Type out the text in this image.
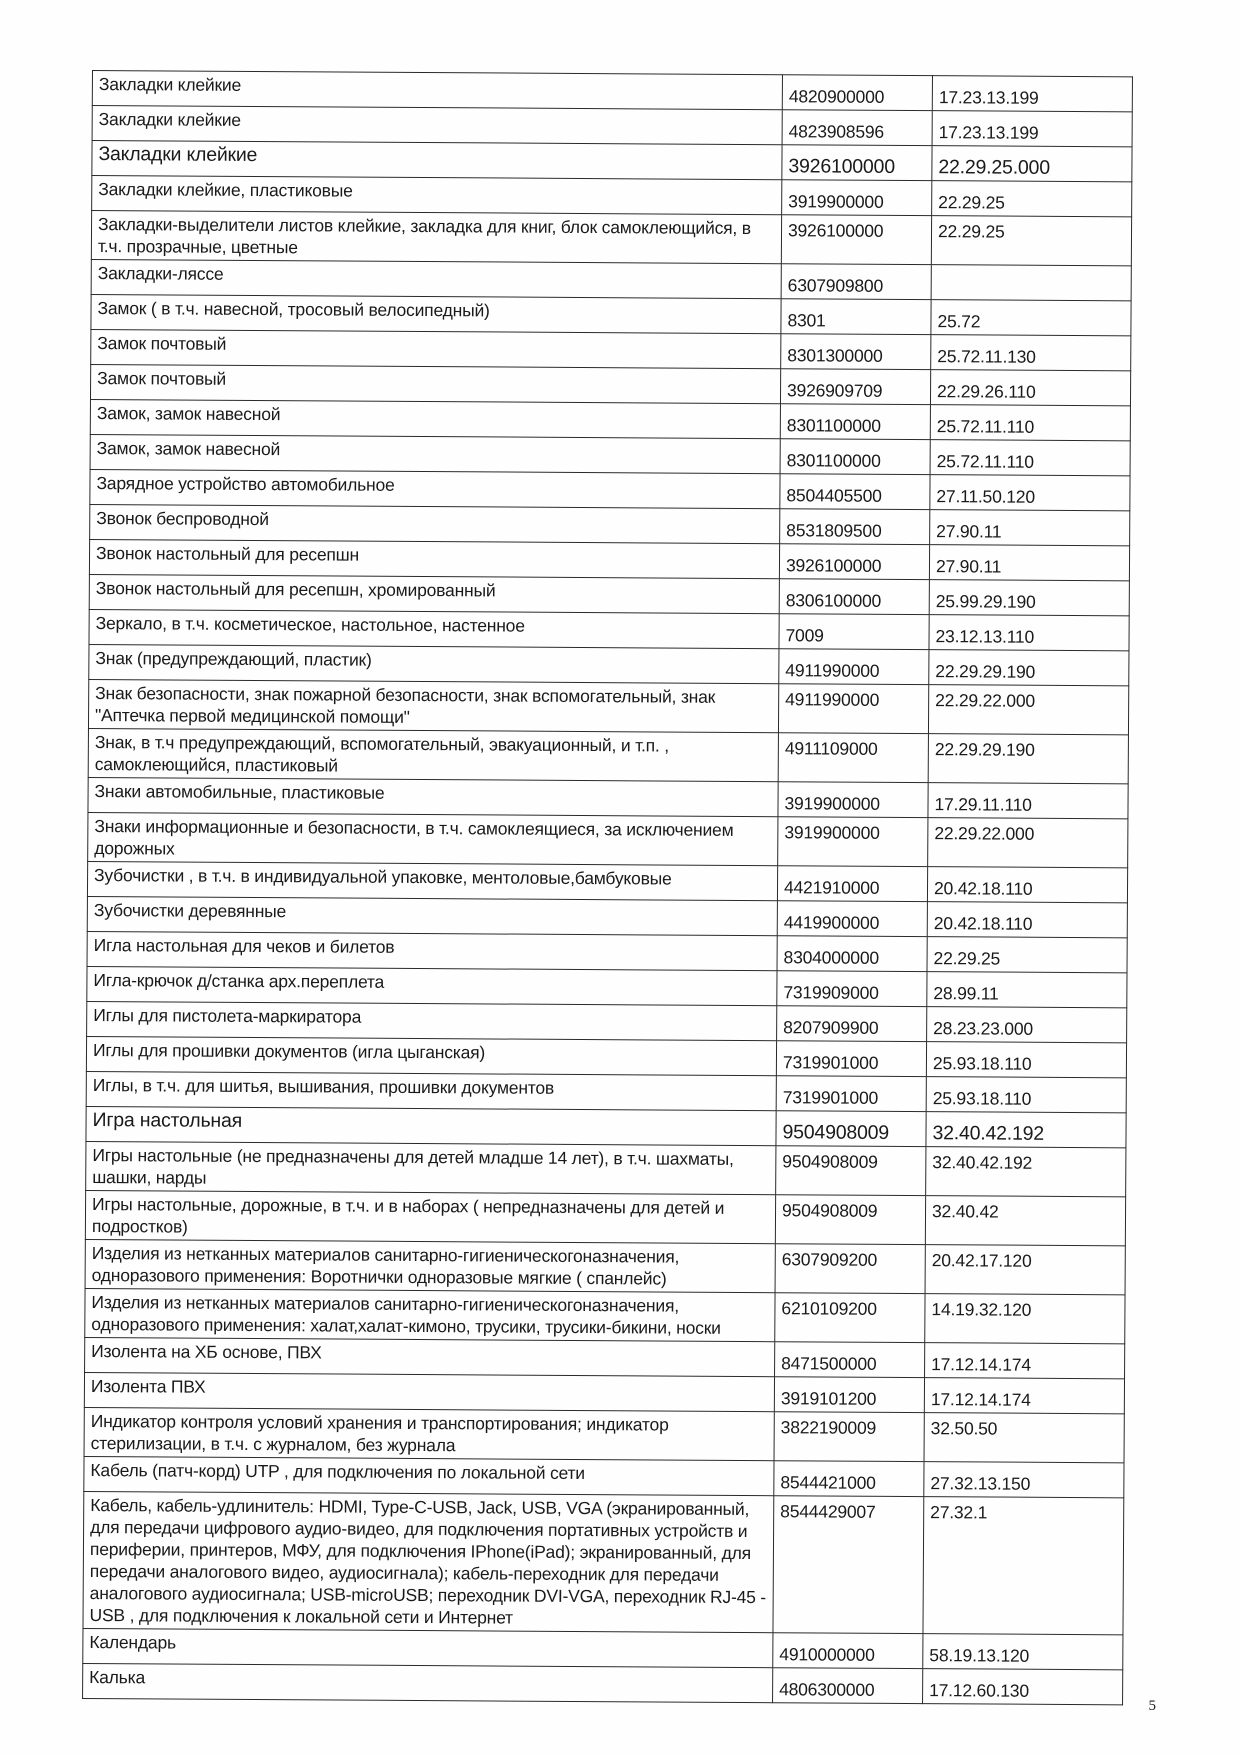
Закладки клейкие	4820900000	17.23.13.199
Закладки клейкие	4823908596	17.23.13.199
Закладки клейкие	3926100000	22.29.25.000
Закладки клейкие, пластиковые	3919900000	22.29.25
Закладки-выделители листов клейкие, закладка для книг, блок самоклеющийся, в т.ч. прозрачные, цветные	3926100000	22.29.25
Закладки-ляссе	6307909800	
Замок ( в т.ч. навесной, тросовый велосипедный)	8301	25.72
Замок почтовый	8301300000	25.72.11.130
Замок почтовый	3926909709	22.29.26.110
Замок, замок навесной	8301100000	25.72.11.110
Замок, замок навесной	8301100000	25.72.11.110
Зарядное устройство автомобильное	8504405500	27.11.50.120
Звонок беспроводной	8531809500	27.90.11
Звонок настольный для ресепшн	3926100000	27.90.11
Звонок настольный для ресепшн, хромированный	8306100000	25.99.29.190
Зеркало, в т.ч. косметическое, настольное, настенное	7009	23.12.13.110
Знак (предупреждающий, пластик)	4911990000	22.29.29.190
Знак безопасности, знак пожарной безопасности, знак вспомогательный, знак "Аптечка первой медицинской помощи"	4911990000	22.29.22.000
Знак, в т.ч предупреждающий, вспомогательный, эвакуационный, и т.п. , самоклеющийся, пластиковый	4911109000	22.29.29.190
Знаки автомобильные, пластиковые	3919900000	17.29.11.110
Знаки информационные и безопасности, в т.ч. самоклеящиеся, за исключением дорожных	3919900000	22.29.22.000
Зубочистки , в т.ч. в индивидуальной упаковке, ментоловые,бамбуковые	4421910000	20.42.18.110
Зубочистки деревянные	4419900000	20.42.18.110
Игла настольная для чеков и билетов	8304000000	22.29.25
Игла-крючок д/станка арх.переплета	7319909000	28.99.11
Иглы для пистолета-маркиратора	8207909900	28.23.23.000
Иглы для прошивки документов (игла цыганская)	7319901000	25.93.18.110
Иглы, в т.ч. для шитья, вышивания, прошивки документов	7319901000	25.93.18.110
Игра настольная	9504908009	32.40.42.192
Игры настольные (не предназначены для детей младше 14 лет), в т.ч. шахматы, шашки, нарды	9504908009	32.40.42.192
Игры настольные, дорожные, в т.ч. и в наборах ( непредназначены для детей и подростков)	9504908009	32.40.42
Изделия из нетканных материалов санитарно-гигиеническогоназначения, одноразового применения: Воротнички одноразовые мягкие ( спанлейс)	6307909200	20.42.17.120
Изделия из нетканных материалов санитарно-гигиеническогоназначения, одноразового применения: халат,халат-кимоно, трусики, трусики-бикини, носки	6210109200	14.19.32.120
Изолента на ХБ основе, ПВХ	8471500000	17.12.14.174
Изолента ПВХ	3919101200	17.12.14.174
Индикатор контроля условий хранения и транспортирования; индикатор стерилизации, в т.ч. с журналом, без журнала	3822190009	32.50.50
Кабель (патч-корд) UTP , для подключения по локальной сети	8544421000	27.32.13.150
Кабель, кабель-удлинитель: HDMI, Type-C-USB, Jack, USB, VGA (экранированный, для передачи цифрового аудио-видео, для подключения портативных устройств и периферии, принтеров, МФУ, для подключения IPhone(iPad); экранированный, для передачи аналогового видео, аудиосигнала); кабель-переходник для передачи аналогового аудиосигнала; USB-microUSB; переходник DVI-VGA, переходник RJ-45 - USB , для подключения к локальной сети и Интернет	8544429007	27.32.1
Календарь	4910000000	58.19.13.120
Калька	4806300000	17.12.60.130
5
